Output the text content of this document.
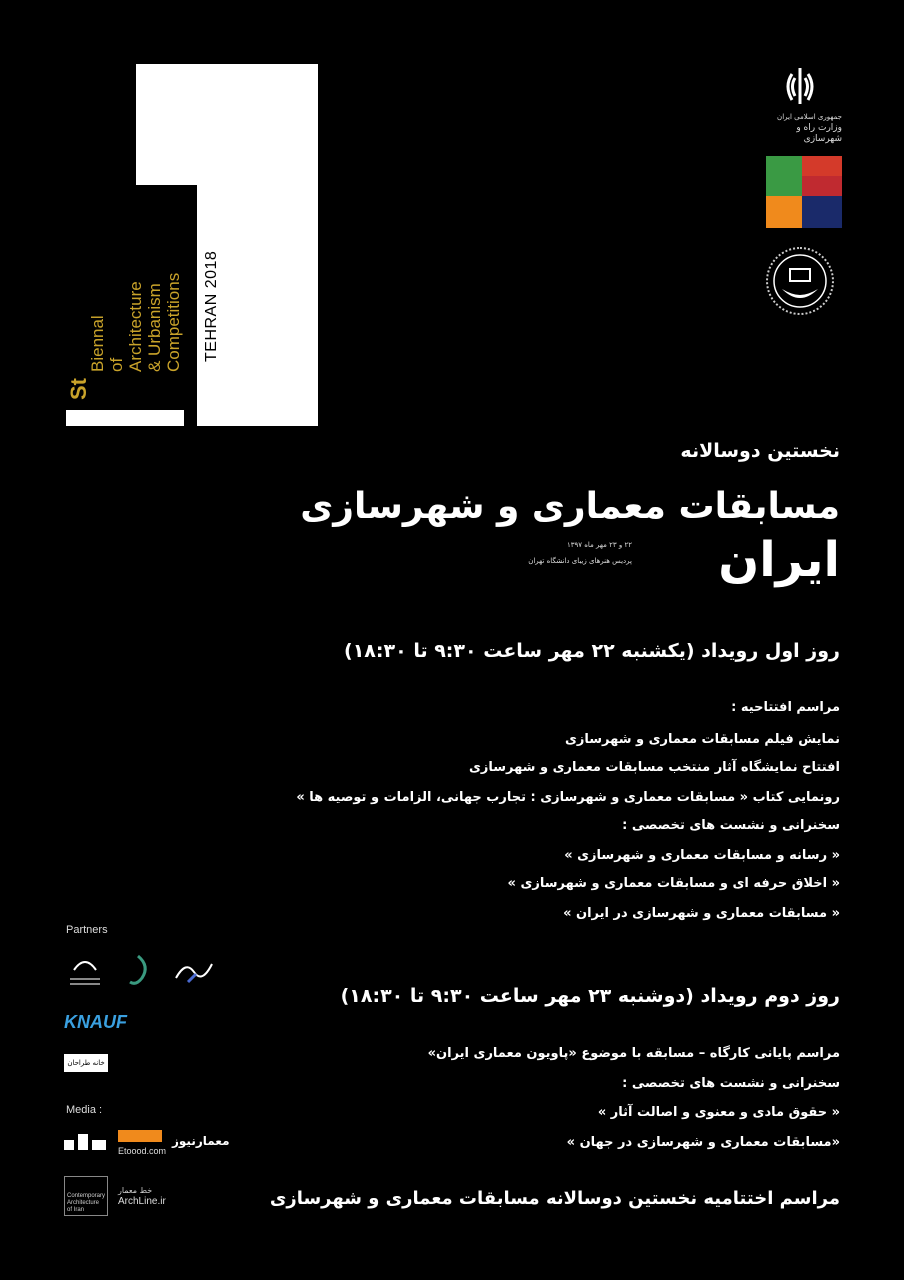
St
Biennal of Architecture & Urbanism Competitions TEHRAN 2018
جمهوری اسلامی ایران
وزارت راه و شهرسازی
نخستین دوسالانه
مسابقات معماری و شهرسازی
ایران
۲۲ و ۲۳ مهر ماه ۱۳۹۷
پردیس هنرهای زیبای دانشگاه تهران
روز اول رویداد (یکشنبه ۲۲ مهر ساعت ۹:۳۰ تا ۱۸:۳۰)
مراسم افتتاحیه :
نمایش فیلم مسابقات معماری و شهرسازی
افتتاح نمایشگاه آثار منتخب مسابقات معماری و شهرسازی
رونمایی کتاب « مسابقات معماری و شهرسازی : تجارب جهانی، الزامات و توصیه ها »
سخنرانی و نشست های تخصصی :
« رسانه و مسابقات معماری و شهرسازی »
« اخلاق حرفه ای و مسابقات معماری و شهرسازی »
« مسابقات معماری و شهرسازی در ایران »
روز دوم رویداد (دوشنبه ۲۳ مهر ساعت ۹:۳۰ تا ۱۸:۳۰)
مراسم پایانی کارگاه – مسابقه با موضوع «پاویون معماری ایران»
سخنرانی و نشست های تخصصی :
« حقوق مادی و معنوی و اصالت آثار »
«مسابقات معماری و شهرسازی در جهان »
مراسم اختتامیه نخستین دوسالانه مسابقات معماری و شهرسازی
Partners
KNAUF
خانه طراحان سام
Media :
Etoood.com
معمارنیوز
Contemporary Architecture of Iran
خط معمار
ArchLine.ir
